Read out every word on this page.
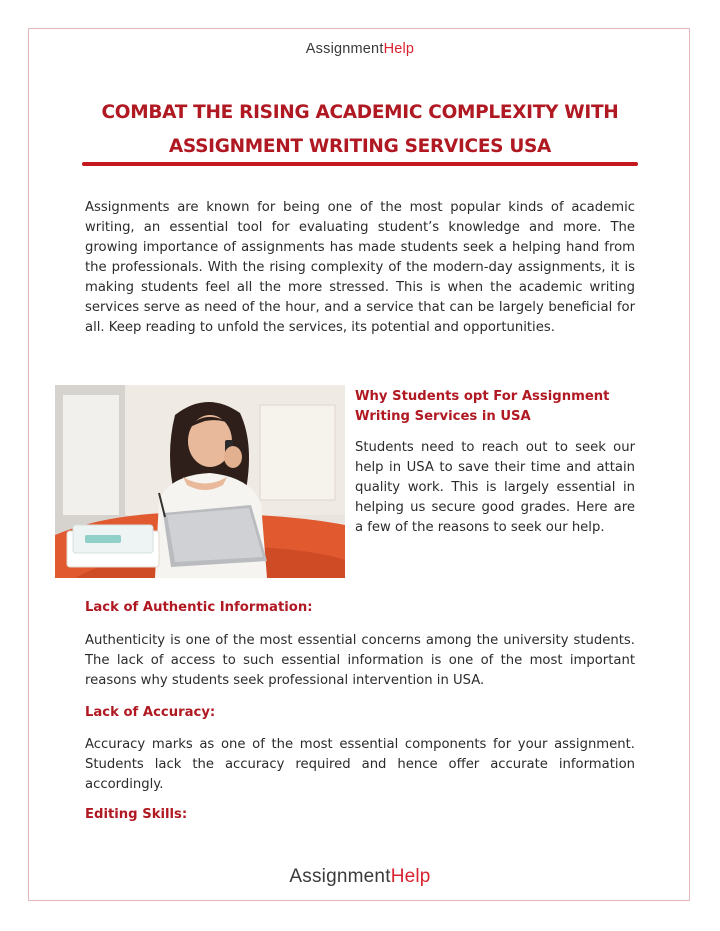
AssignmentHelp
COMBAT THE RISING ACADEMIC COMPLEXITY WITH
ASSIGNMENT WRITING SERVICES USA

Assignments are known for being one of the most popular kinds of academic writing, an essential tool for evaluating student’s knowledge and more. The growing importance of assignments has made students seek a helping hand from the professionals. With the rising complexity of the modern-day assignments, it is making students feel all the more stressed. This is when the academic writing services serve as need of the hour, and a service that can be largely beneficial for all. Keep reading to unfold the services, its potential and opportunities.

Why Students opt For Assignment
Writing Services in USA

Students need to reach out to seek our help in USA to save their time and attain quality work. This is largely essential in helping us secure good grades. Here are a few of the reasons to seek our help.

Lack of Authentic Information:

Authenticity is one of the most essential concerns among the university students. The lack of access to such essential information is one of the most important reasons why students seek professional intervention in USA.

Lack of Accuracy:

Accuracy marks as one of the most essential components for your assignment. Students lack the accuracy required and hence offer accurate information accordingly.

Editing Skills:
AssignmentHelp
